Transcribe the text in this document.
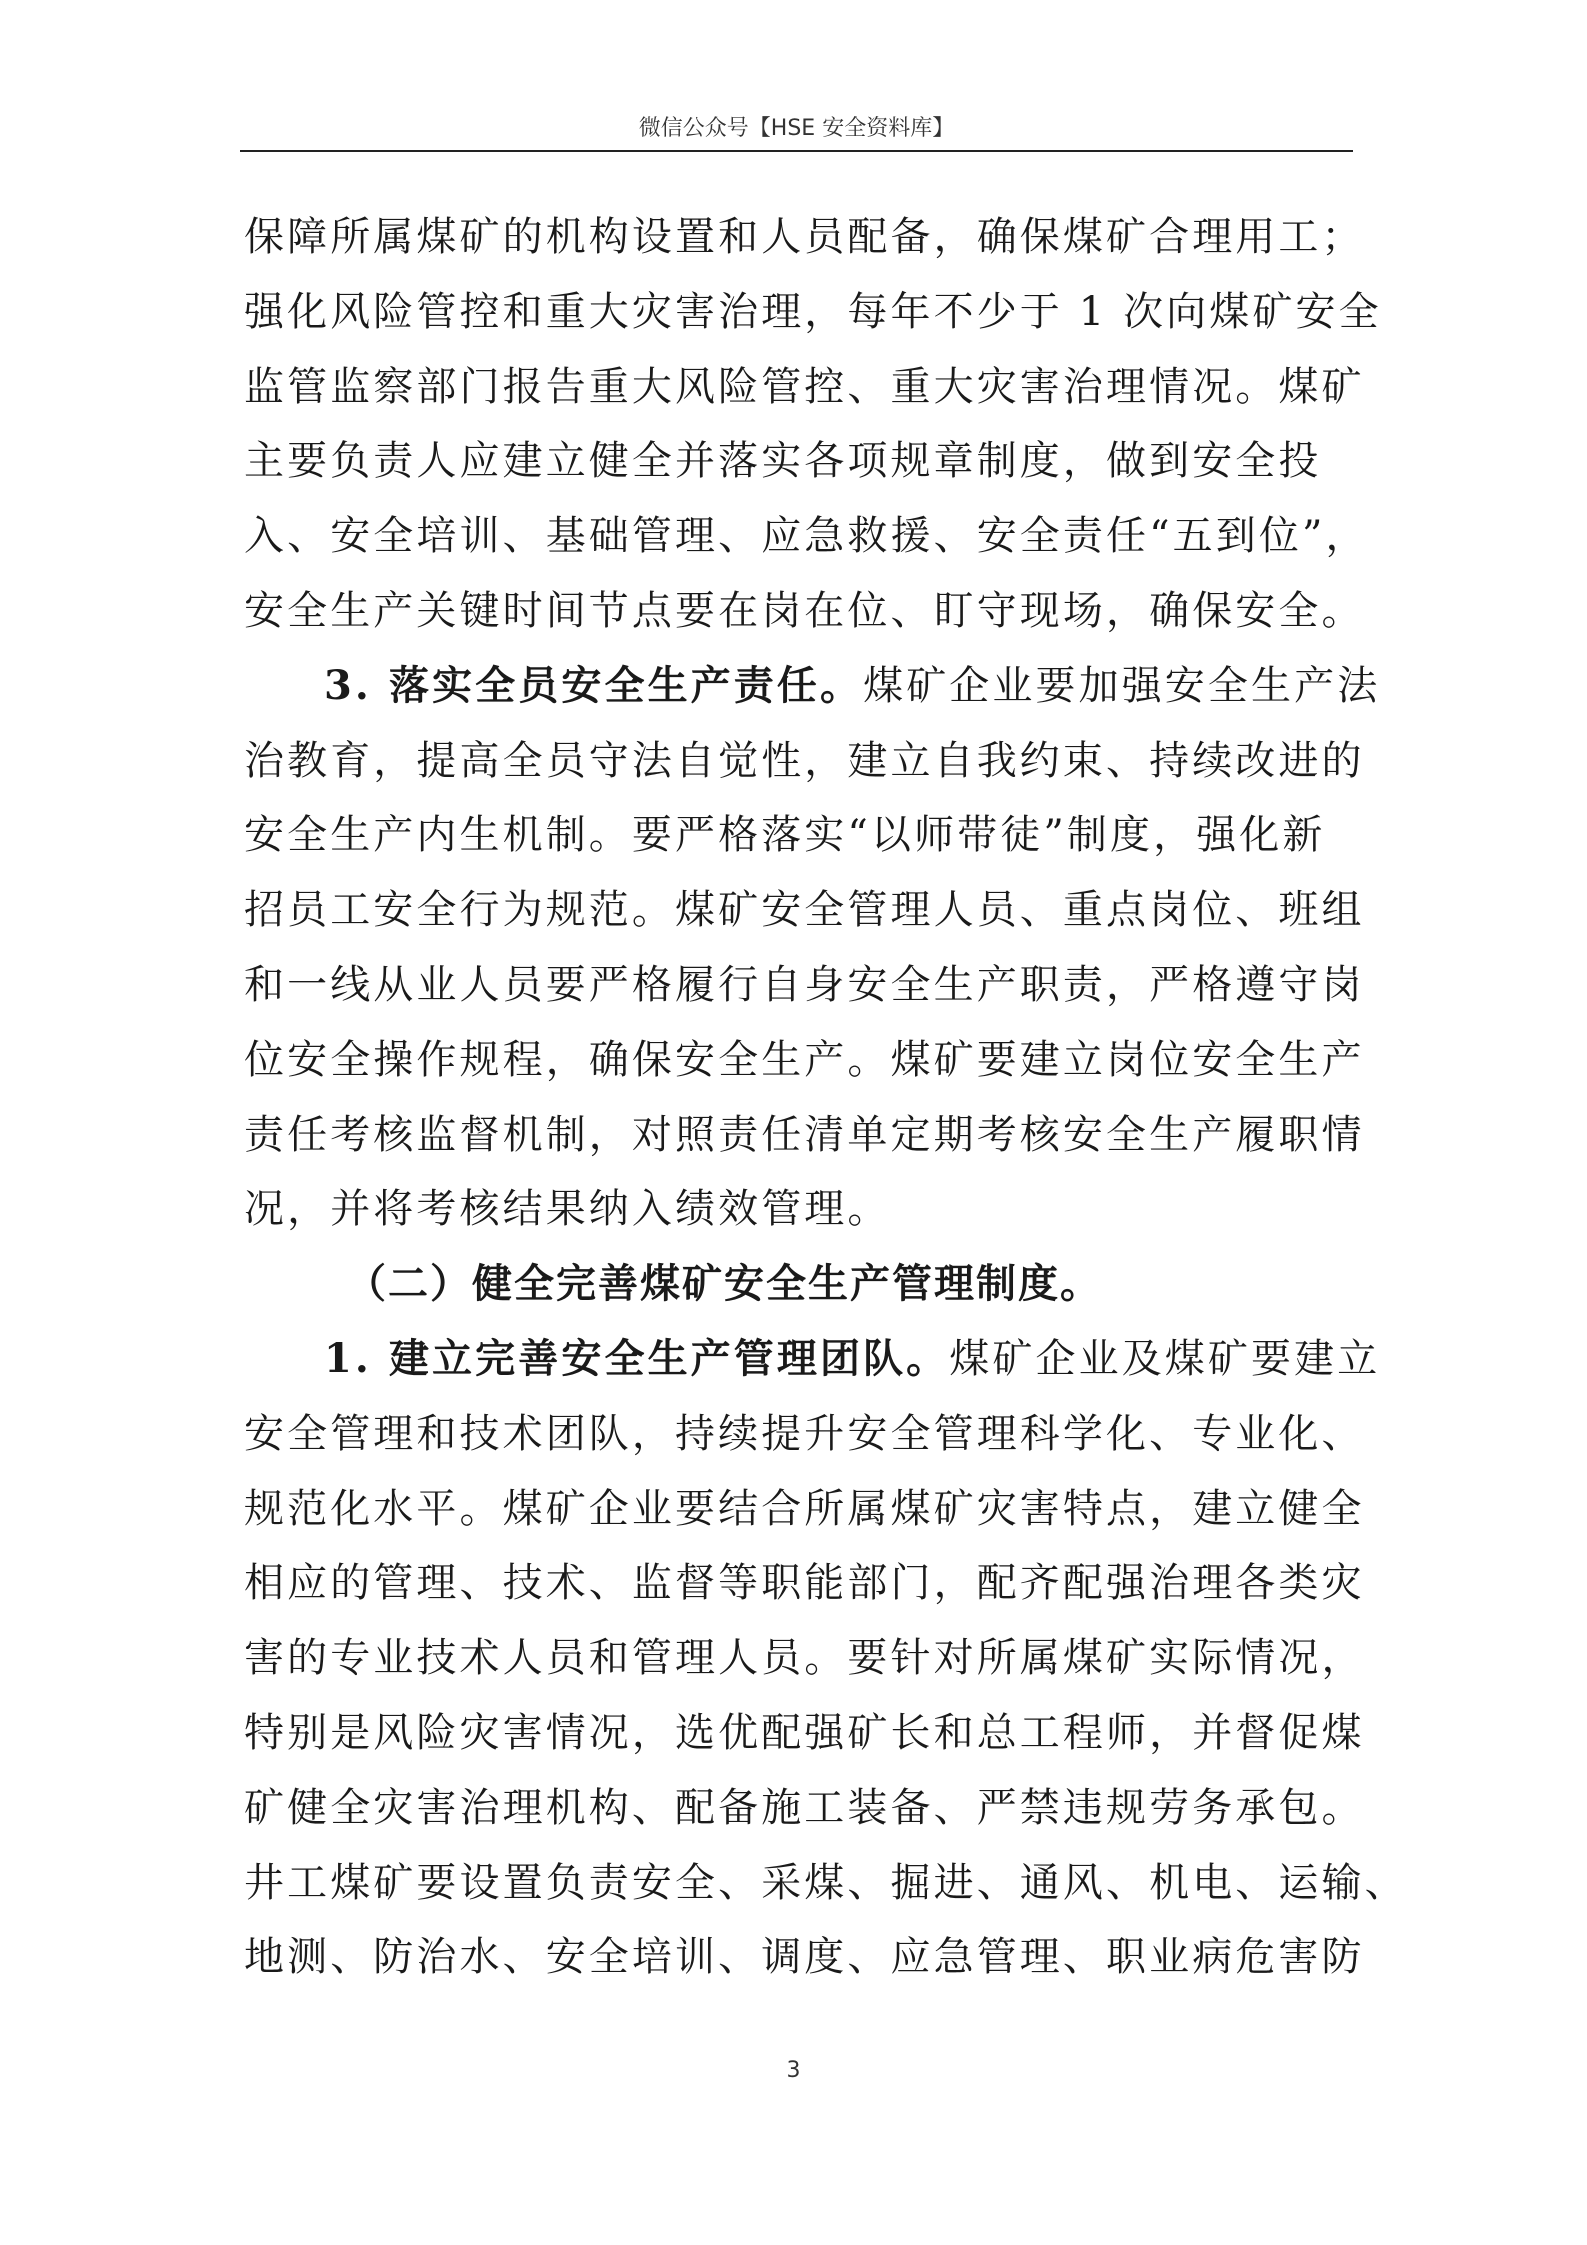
微信公众号【HSE 安全资料库】
保障所属煤矿的机构设置和人员配备，确保煤矿合理用工；
强化风险管控和重大灾害治理，每年不少于 1 次向煤矿安全
监管监察部门报告重大风险管控、重大灾害治理情况。煤矿
主要负责人应建立健全并落实各项规章制度，做到安全投
入、安全培训、基础管理、应急救援、安全责任“五到位”，
安全生产关键时间节点要在岗在位、盯守现场，确保安全。
3. 落实全员安全生产责任。煤矿企业要加强安全生产法
治教育，提高全员守法自觉性，建立自我约束、持续改进的
安全生产内生机制。要严格落实“以师带徒”制度，强化新
招员工安全行为规范。煤矿安全管理人员、重点岗位、班组
和一线从业人员要严格履行自身安全生产职责，严格遵守岗
位安全操作规程，确保安全生产。煤矿要建立岗位安全生产
责任考核监督机制，对照责任清单定期考核安全生产履职情
况，并将考核结果纳入绩效管理。
（二）健全完善煤矿安全生产管理制度。
1. 建立完善安全生产管理团队。煤矿企业及煤矿要建立
安全管理和技术团队，持续提升安全管理科学化、专业化、
规范化水平。煤矿企业要结合所属煤矿灾害特点，建立健全
相应的管理、技术、监督等职能部门，配齐配强治理各类灾
害的专业技术人员和管理人员。要针对所属煤矿实际情况，
特别是风险灾害情况，选优配强矿长和总工程师，并督促煤
矿健全灾害治理机构、配备施工装备、严禁违规劳务承包。
井工煤矿要设置负责安全、采煤、掘进、通风、机电、运输、
地测、防治水、安全培训、调度、应急管理、职业病危害防
3
